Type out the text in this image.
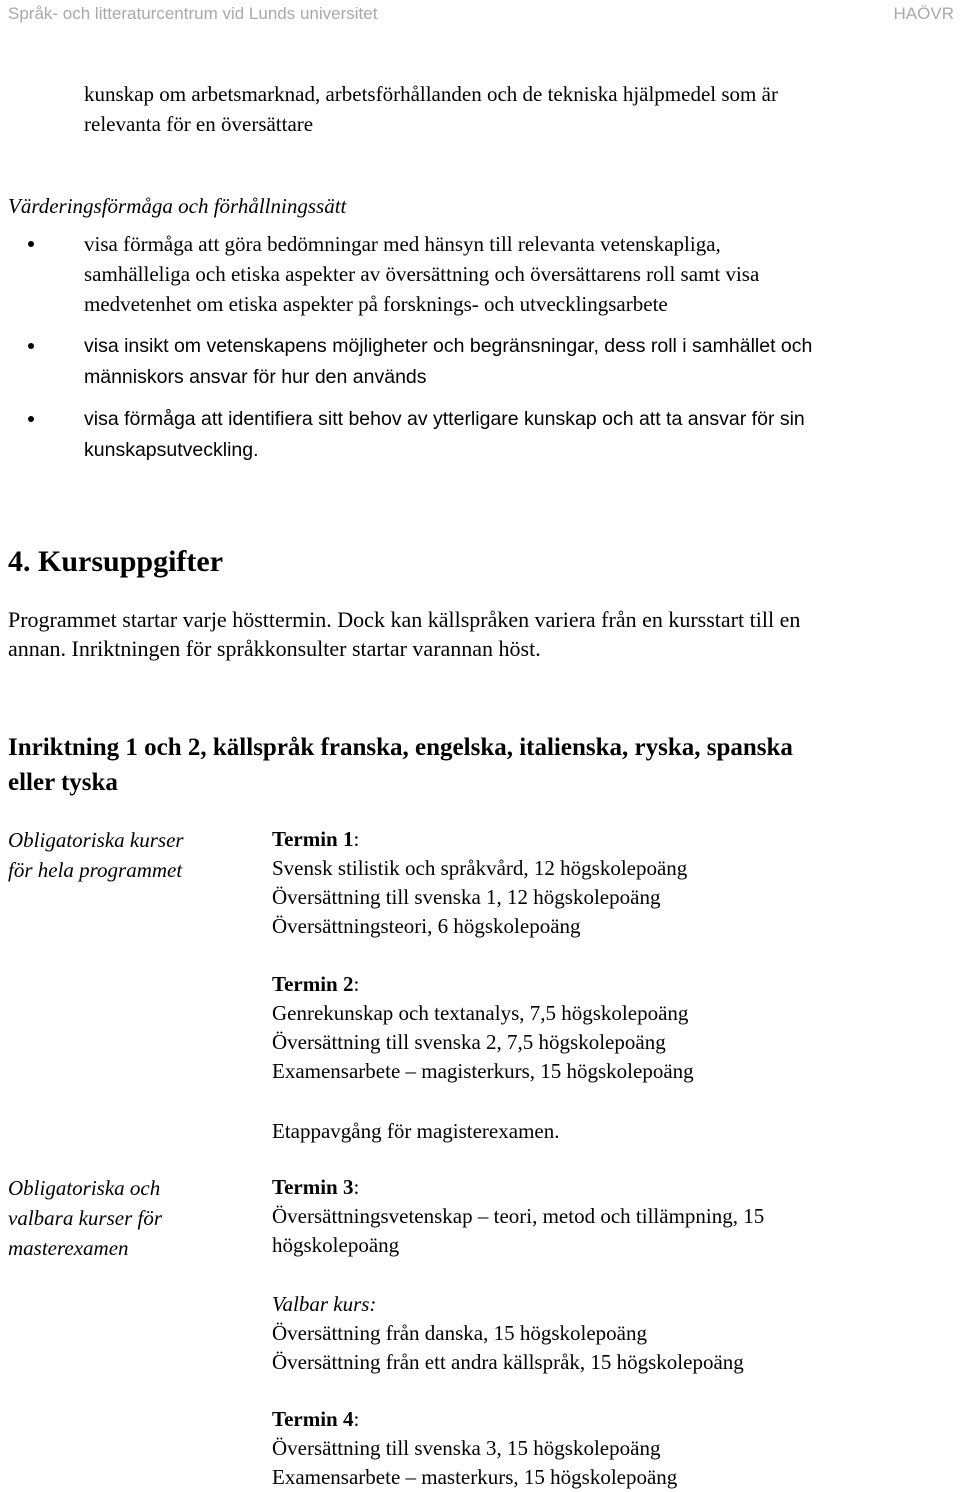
Språk- och litteraturcentrum vid Lunds universitet	HAÖVR
kunskap om arbetsmarknad, arbetsförhållanden och de tekniska hjälpmedel som är
relevanta för en översättare
Värderingsförmåga och förhållningssätt
visa förmåga att göra bedömningar med hänsyn till relevanta vetenskapliga,
samhälleliga och etiska aspekter av översättning och översättarens roll samt visa
medvetenhet om etiska aspekter på forsknings- och utvecklingsarbete
visa insikt om vetenskapens möjligheter och begränsningar, dess roll i samhället och
människors ansvar för hur den används
visa förmåga att identifiera sitt behov av ytterligare kunskap och att ta ansvar för sin
kunskapsutveckling.
4. Kursuppgifter
Programmet startar varje hösttermin. Dock kan källspråken variera från en kursstart till en
annan. Inriktningen för språkkonsulter startar varannan höst.
Inriktning 1 och 2, källspråk franska, engelska, italienska, ryska, spanska
eller tyska
Obligatoriska kurser
för hela programmet
Termin 1:
Svensk stilistik och språkvård, 12 högskolepoäng
Översättning till svenska 1, 12 högskolepoäng
Översättningsteori, 6 högskolepoäng
Termin 2:
Genrekunskap och textanalys, 7,5 högskolepoäng
Översättning till svenska 2, 7,5 högskolepoäng
Examensarbete – magisterkurs, 15 högskolepoäng
Etappavgång för magisterexamen.
Obligatoriska och
valbara kurser för
masterexamen
Termin 3:
Översättningsvetenskap – teori, metod och tillämpning, 15
högskolepoäng
Valbar kurs:
Översättning från danska, 15 högskolepoäng
Översättning från ett andra källspråk, 15 högskolepoäng
Termin 4:
Översättning till svenska 3, 15 högskolepoäng
Examensarbete – masterkurs, 15 högskolepoäng
